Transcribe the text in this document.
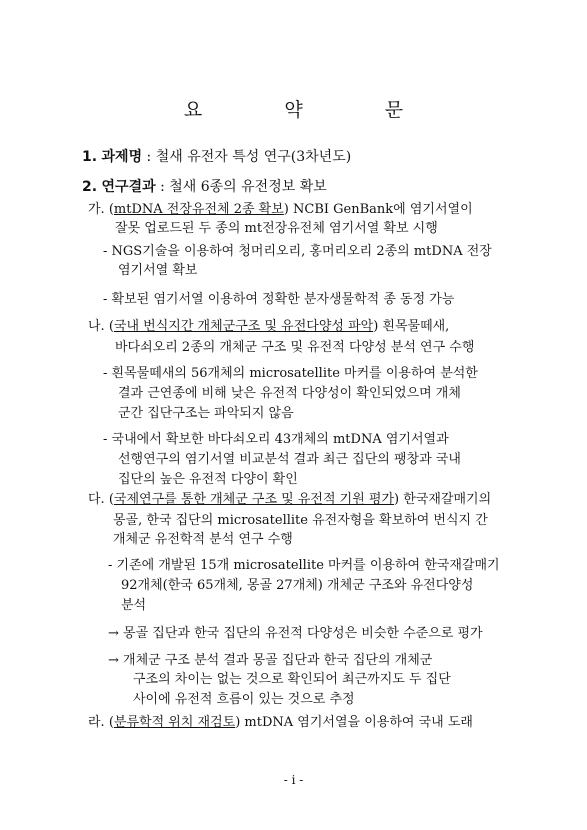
요 약 문
1. 과제명 : 철새 유전자 특성 연구(3차년도)
2. 연구결과 : 철새 6종의 유전정보 확보
가. (mtDNA 전장유전체 2종 확보) NCBI GenBank에 염기서열이
잘못 업로드된 두 종의 mt전장유전체 염기서열 확보 시행
- NGS기술을 이용하여 청머리오리, 홍머리오리 2종의 mtDNA 전장
염기서열 확보
- 확보된 염기서열 이용하여 정확한 분자생물학적 종 동정 가능
나. (국내 번식지간 개체군구조 및 유전다양성 파악) 흰목물떼새,
바다쇠오리 2종의 개체군 구조 및 유전적 다양성 분석 연구 수행
- 흰목물떼새의 56개체의 microsatellite 마커를 이용하여 분석한
결과 근연종에 비해 낮은 유전적 다양성이 확인되었으며 개체
군간 집단구조는 파악되지 않음
- 국내에서 확보한 바다쇠오리 43개체의 mtDNA 염기서열과
선행연구의 염기서열 비교분석 결과 최근 집단의 팽창과 국내
집단의 높은 유전적 다양이 확인
다. (국제연구를 통한 개체군 구조 및 유전적 기원 평가) 한국재갈매기의
몽골, 한국 집단의 microsatellite 유전자형을 확보하여 번식지 간
개체군 유전학적 분석 연구 수행
- 기존에 개발된 15개 microsatellite 마커를 이용하여 한국재갈매기
92개체(한국 65개체, 몽골 27개체) 개체군 구조와 유전다양성
분석
→ 몽골 집단과 한국 집단의 유전적 다양성은 비슷한 수준으로 평가
→ 개체군 구조 분석 결과 몽골 집단과 한국 집단의 개체군
구조의 차이는 없는 것으로 확인되어 최근까지도 두 집단
사이에 유전적 흐름이 있는 것으로 추정
라. (분류학적 위치 재검토) mtDNA 염기서열을 이용하여 국내 도래
- i -
